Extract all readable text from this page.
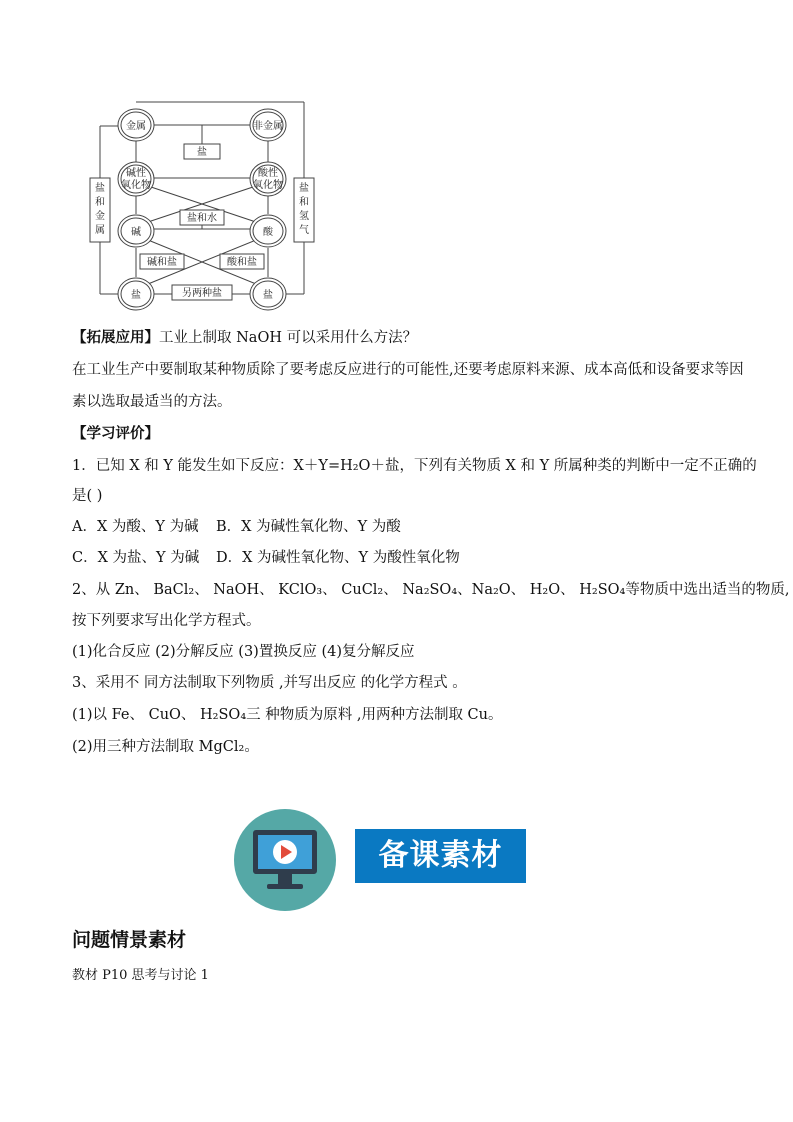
金属	非金属
碱性
氧化物
酸性
氧化物
碱	酸
盐	盐
盐
盐和水
碱和盐	酸和盐
另两种盐
盐
和
金
属
盐
和
氢
气
【拓展应用】工业上制取 NaOH 可以采用什么方法？
在工业生产中要制取某种物质除了要考虑反应进行的可能性,还要考虑原料来源、成本高低和设备要求等因
素以选取最适当的方法。
【学习评价】
1．已知 X 和 Y 能发生如下反应：X＋Y=H₂O＋盐，下列有关物质 X 和 Y 所属种类的判断中一定不正确的
是( )
A．X 为酸、Y 为碱 B．X 为碱性氧化物、Y 为酸
C．X 为盐、Y 为碱 D．X 为碱性氧化物、Y 为酸性氧化物
2、从 Zn、 BaCl₂、 NaOH、 KClO₃、 CuCl₂、 Na₂SO₄、Na₂O、 H₂O、 H₂SO₄等物质中选出适当的物质,
按下列要求写出化学方程式。
(1)化合反应 (2)分解反应 (3)置换反应 (4)复分解反应
3、采用不 同方法制取下列物质 ,并写出反应 的化学方程式 。
(1)以 Fe、 CuO、 H₂SO₄三 种物质为原料 ,用两种方法制取 Cu。
(2)用三种方法制取 MgCl₂。
备课素材
问题情景素材
教材 P10 思考与讨论 1
